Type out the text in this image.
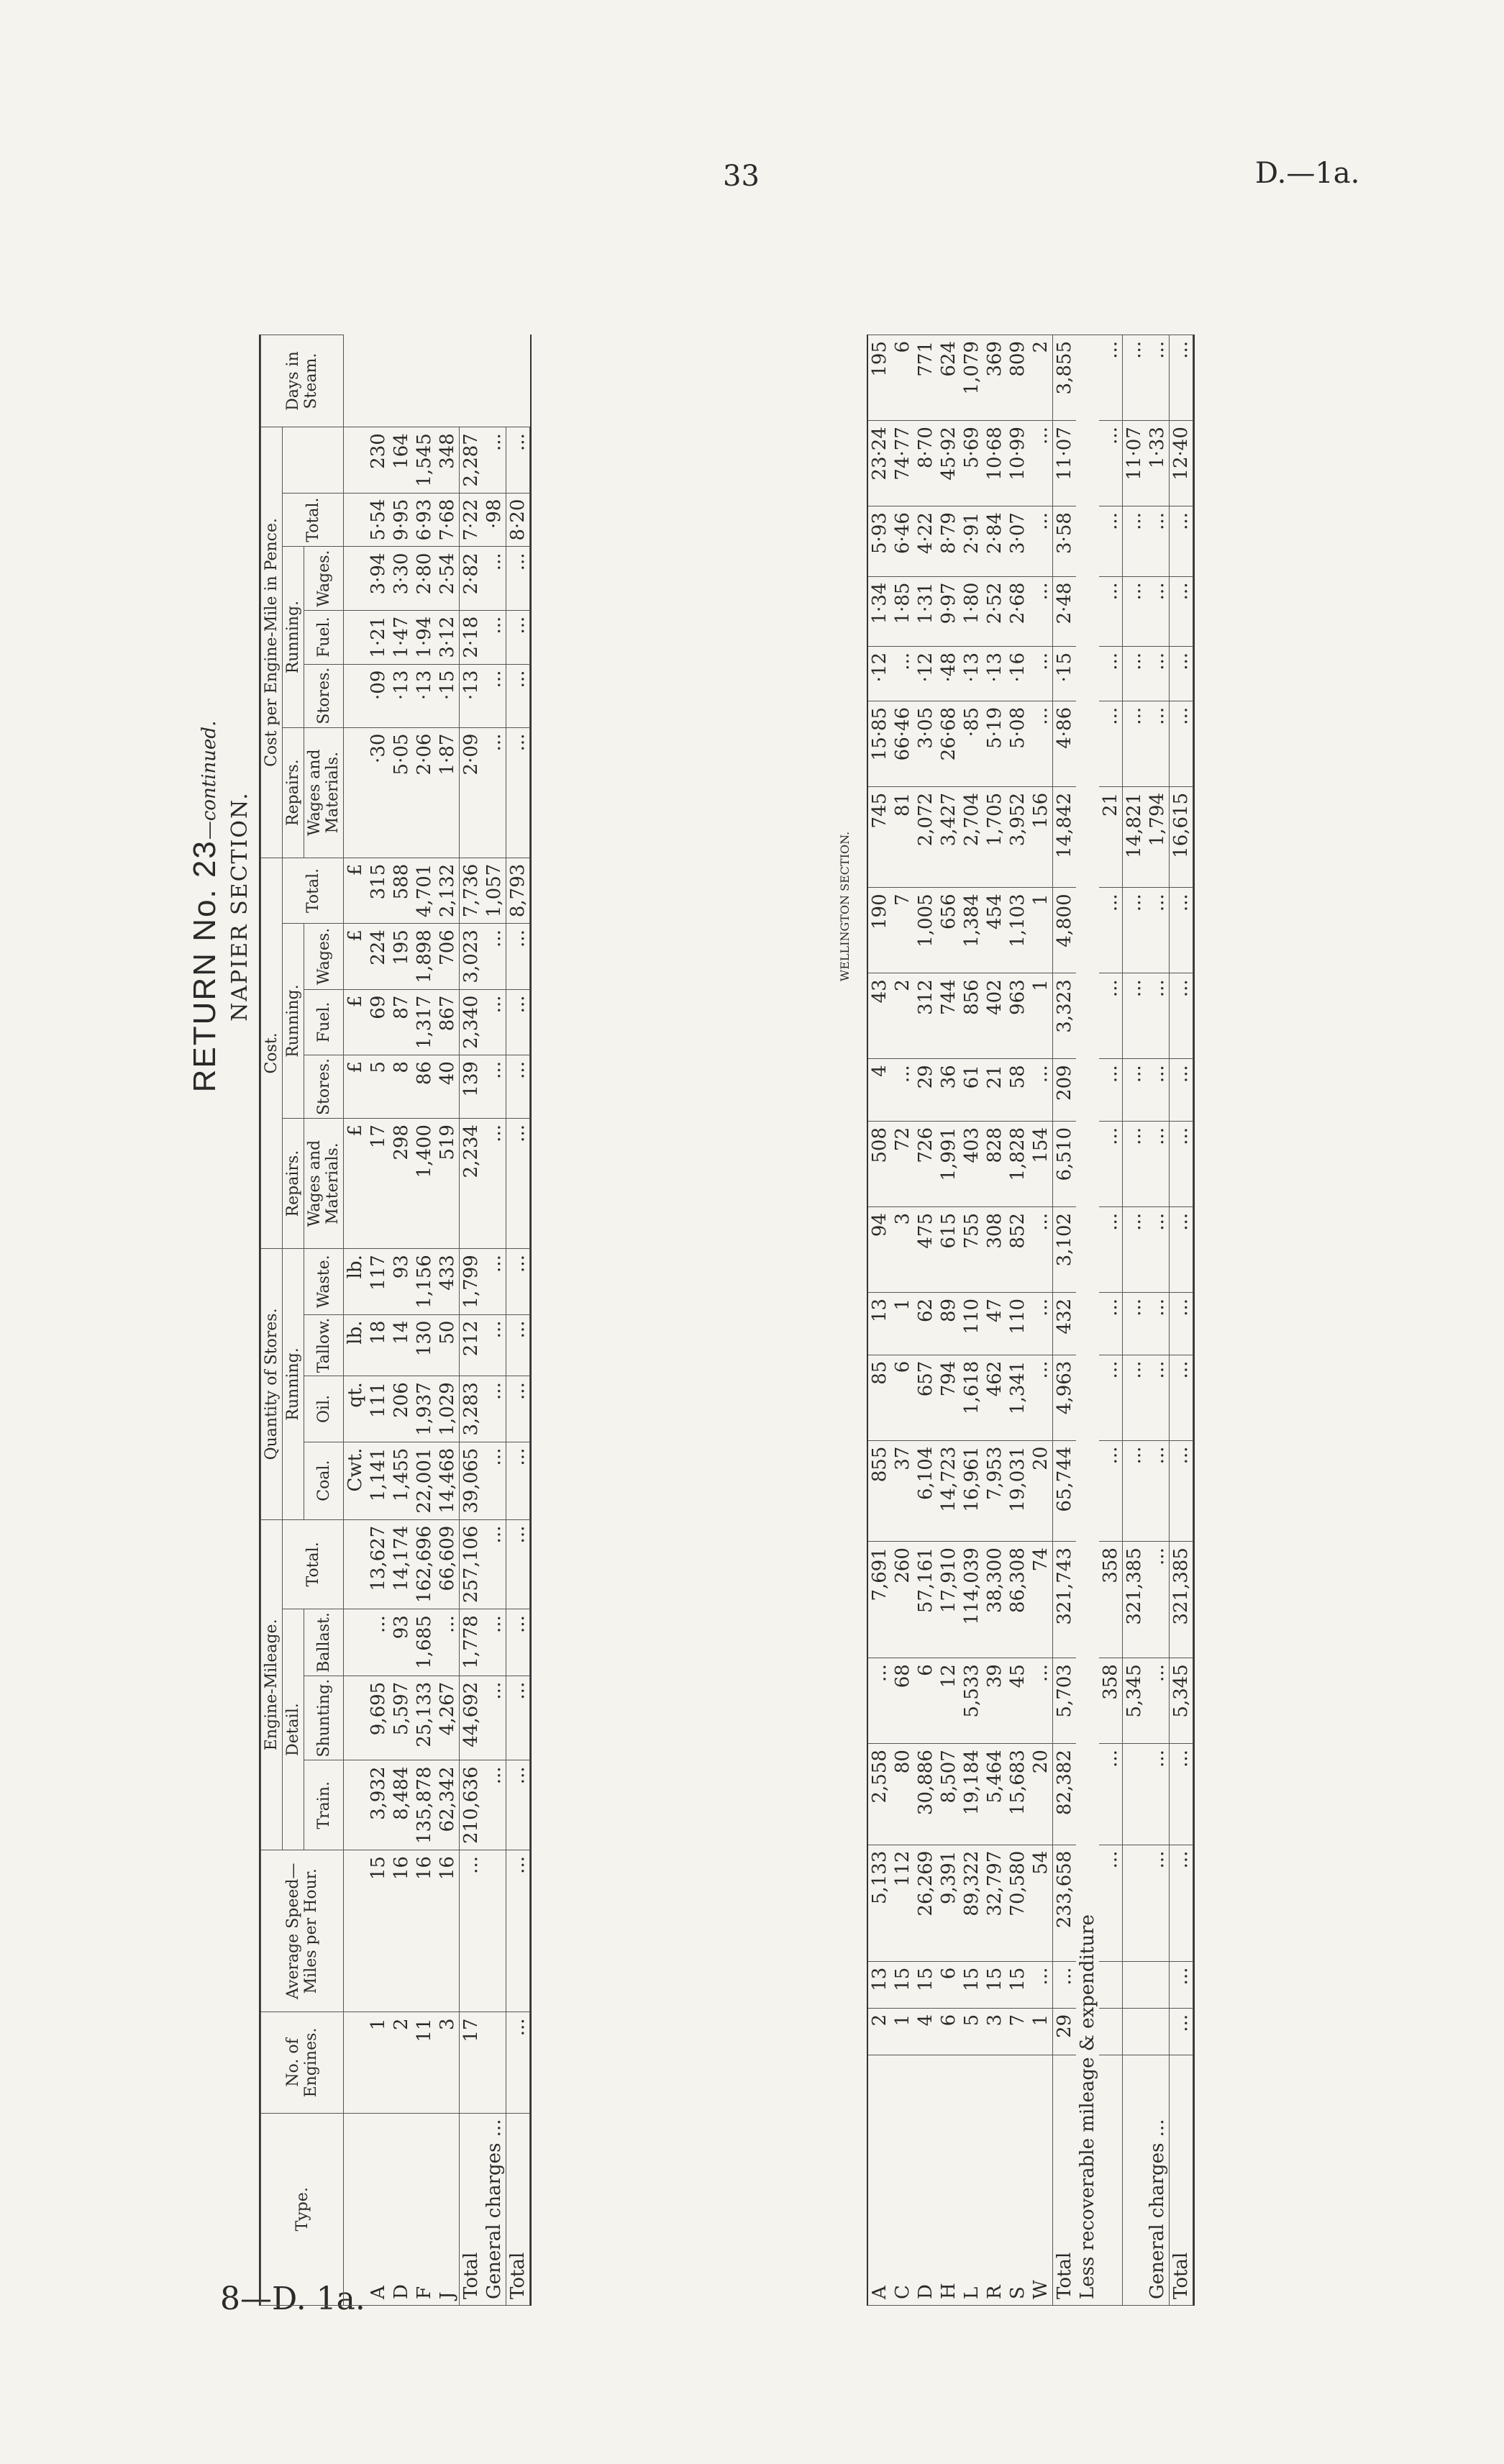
33	D.—1a.
8—D. 1a.
RETURN No. 23—continued.
NAPIER SECTION.
Type.	No. of Engines.	Average Speed—Miles per Hour.	Engine-Mileage.				Quantity of Stores.				Cost.					Cost per Engine-Mile in Pence.						Days in Steam.
			Detail.			Total.	Running.				Repairs.	Running.			Total.	Repairs.	Running.			Total.		
			Train.	Shunting.	Ballast.		Coal.	Oil.	Tallow.	Waste.	Wages and Materials.	Stores.	Fuel.	Wages.		Wages and Materials.	Stores.	Fuel.	Wages.			
							Cwt.	qt.	lb.	lb.	£	£	£	£	£							
A	1	15	3,932	9,695	...	13,627	1,141	111	18	117	17	5	69	224	315	·30	·09	1·21	3·94	5·54	230	
D	2	16	8,484	5,597	93	14,174	1,455	206	14	93	298	8	87	195	588	5·05	·13	1·47	3·30	9·95	164	
F	11	16	135,878	25,133	1,685	162,696	22,001	1,937	130	1,156	1,400	86	1,317	1,898	4,701	2·06	·13	1·94	2·80	6·93	1,545	
J	3	16	62,342	4,267	...	66,609	14,468	1,029	50	433	519	40	867	706	2,132	1·87	·15	3·12	2·54	7·68	348	
Total	17	...	210,636	44,692	1,778	257,106	39,065	3,283	212	1,799	2,234	139	2,340	3,023	7,736	2·09	·13	2·18	2·82	7·22	2,287	
General charges ...			...	...	...	...	...	...	...	...	...	...	...	...	1,057	...	...	...	...	·98	...	
Total	...	...	...	...	...	...	...	...	...	...	...	...	...	...	8,793	...	...	...	...	8·20	...	
WELLINGTON SECTION.
A	2	13	5,133	2,558	...	7,691	855	85	13	94	508	4	43	190	745	15·85	·12	1·34	5·93	23·24	195
C	1	15	112	80	68	260	37	6	1	3	72	...	2	7	81	66·46	...	1·85	6·46	74·77	6
D	4	15	26,269	30,886	6	57,161	6,104	657	62	475	726	29	312	1,005	2,072	3·05	·12	1·31	4·22	8·70	771
H	6	6	9,391	8,507	12	17,910	14,723	794	89	615	1,991	36	744	656	3,427	26·68	·48	9·97	8·79	45·92	624
L	5	15	89,322	19,184	5,533	114,039	16,961	1,618	110	755	403	61	856	1,384	2,704	·85	·13	1·80	2·91	5·69	1,079
R	3	15	32,797	5,464	39	38,300	7,953	462	47	308	828	21	402	454	1,705	5·19	·13	2·52	2·84	10·68	369
S	7	15	70,580	15,683	45	86,308	19,031	1,341	110	852	1,828	58	963	1,103	3,952	5·08	·16	2·68	3·07	10·99	809
W	1	...	54	20	...	74	20	...	...	...	154	...	1	1	156	...	...	...	...	...	2
Total	29	...	233,658	82,382	5,703	321,743	65,744	4,963	432	3,102	6,510	209	3,323	4,800	14,842	4·86	·15	2·48	3·58	11·07	3,855
Less recoverable mileage & expenditure																					
			...	...	358	358	...	...	...	...	...	...	...	...	21	...	...	...	...	...	...
					5,345	321,385	...	...	...	...	...	...	...	...	14,821	...	...	...	...	11·07	...
General charges ...			...	...	...	...	...	...	...	...	...	...	...	...	1,794	...	...	...	...	1·33	...
Total	...	...	...	...	5,345	321,385	...	...	...	...	...	...	...	...	16,615	...	...	...	...	12·40	...
